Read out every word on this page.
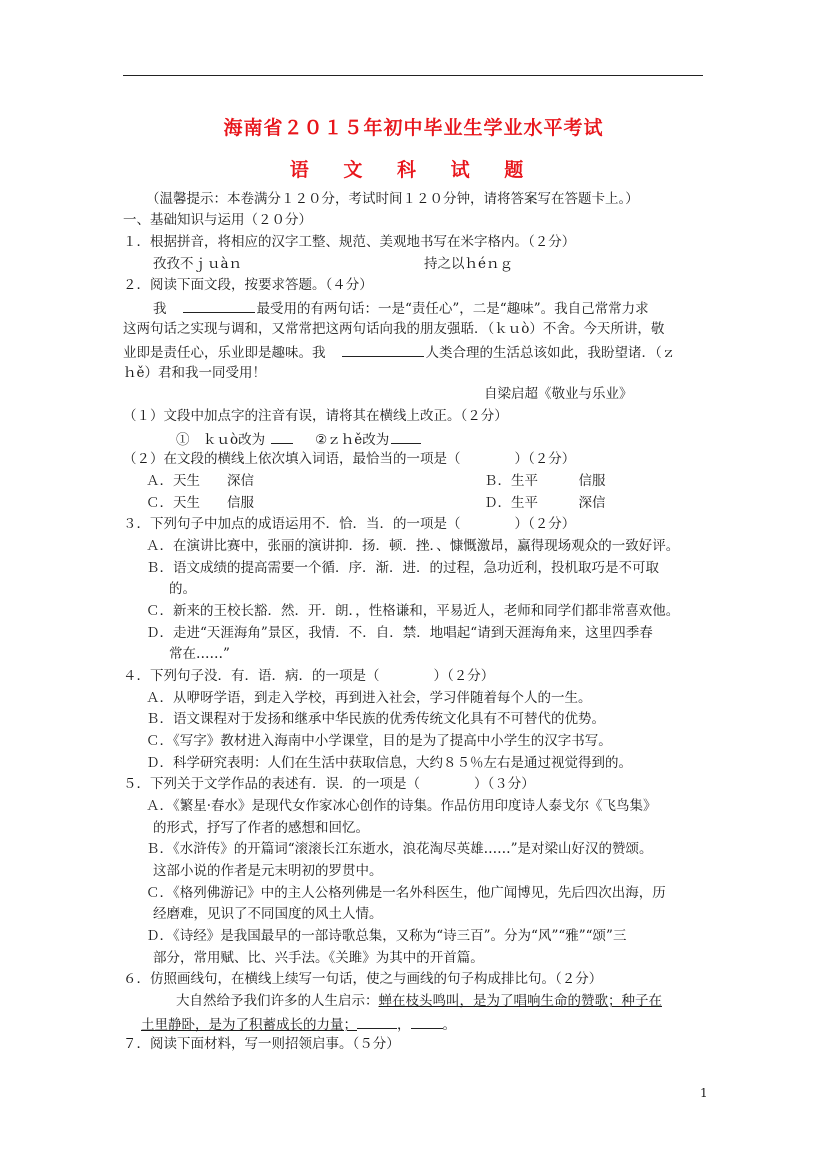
海南省２０１５年初中毕业生学业水平考试
语 文 科 试 题
（温馨提示：本卷满分１２０分，考试时间１２０分钟，请将答案写在答题卡上。）
一、基础知识与运用（２０分）
１．根据拼音，将相应的汉字工整、规范、美观地书写在米字格内。（２分）
孜孜不ｊｕàｎ	持之以ｈéｎｇ
２．阅读下面文段，按要求答题。（４分）
我	最受用的有两句话：一是“责任心”，二是“趣味”。我自己常常力求
这两句话之实现与调和，又常常把这两句话向我的朋友强聒．（ｋｕò）不舍。今天所讲，敬
业即是责任心，乐业即是趣味。我	人类合理的生活总该如此，我盼望诸．（ｚ
ｈě）君和我一同受用！
自梁启超《敬业与乐业》
（１）文段中加点字的注音有误，请将其在横线上改正。（２分）
①　ｋｕò改为	②ｚｈě改为
（２）在文段的横线上依次填入词语，最恰当的一项是（　　　　）（２分）
Ａ．天生　　深信	Ｂ．生平　　　信服
Ｃ．天生　　信服	Ｄ．生平　　　深信
３．下列句子中加点的成语运用不．恰．当．的一项是（　　　　）（２分）
Ａ．在演讲比赛中，张丽的演讲抑．扬．顿．挫．、慷慨激昂，赢得现场观众的一致好评。
Ｂ．语文成绩的提高需要一个循．序．渐．进．的过程，急功近利，投机取巧是不可取
的。
Ｃ．新来的王校长豁．然．开．朗．，性格谦和，平易近人，老师和同学们都非常喜欢他。
Ｄ．走进“天涯海角”景区，我情．不．自．禁．地唱起“请到天涯海角来，这里四季春
常在……”
４．下列句子没．有．语．病．的一项是（　　　　）（２分）
Ａ．从咿呀学语，到走入学校，再到进入社会，学习伴随着每个人的一生。
Ｂ．语文课程对于发扬和继承中华民族的优秀传统文化具有不可替代的优势。
Ｃ．《写字》教材进入海南中小学课堂，目的是为了提高中小学生的汉字书写。
Ｄ．科学研究表明：人们在生活中获取信息，大约８５％左右是通过视觉得到的。
５．下列关于文学作品的表述有．误．的一项是（　　　　）（３分）
Ａ．《繁星·春水》是现代女作家冰心创作的诗集。作品仿用印度诗人泰戈尔《飞鸟集》
的形式，抒写了作者的感想和回忆。
Ｂ．《水浒传》的开篇词“滚滚长江东逝水，浪花淘尽英雄……”是对梁山好汉的赞颂。
这部小说的作者是元末明初的罗贯中。
Ｃ．《格列佛游记》中的主人公格列佛是一名外科医生，他广闻博见，先后四次出海，历
经磨难，见识了不同国度的风土人情。
Ｄ．《诗经》是我国最早的一部诗歌总集，又称为“诗三百”。分为“风”“雅”“颂”三
部分，常用赋、比、兴手法。《关雎》为其中的开首篇。
６．仿照画线句，在横线上续写一句话，使之与画线的句子构成排比句。（２分）
大自然给予我们许多的人生启示：蝉在枝头鸣叫，是为了唱响生命的赞歌；种子在
土里静卧，是为了积蓄成长的力量；	， 。
７．阅读下面材料，写一则招领启事。（５分）
1
